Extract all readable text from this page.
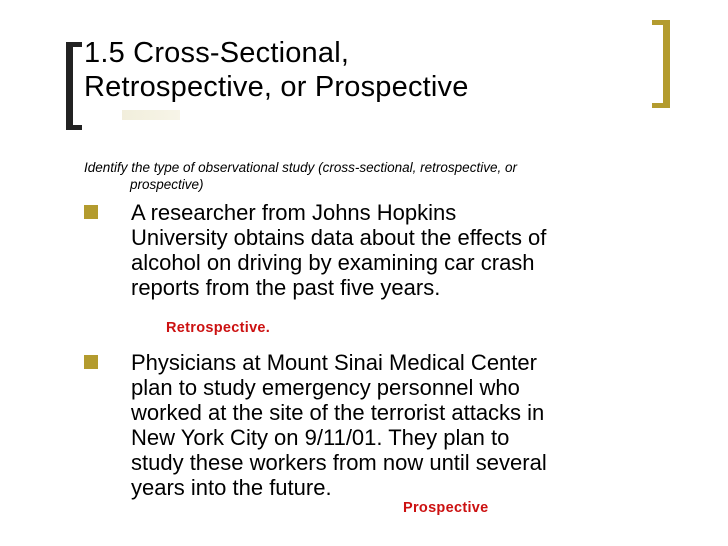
1.5 Cross-Sectional,
Retrospective, or Prospective
Identify the type of observational study (cross-sectional, retrospective, or
prospective)
A researcher from Johns Hopkins
University obtains data about the effects of
alcohol on driving by examining car crash
reports from the past five years.
Retrospective.
Physicians at Mount Sinai Medical Center
plan to study emergency personnel who
worked at the site of the terrorist attacks in
New York City on 9/11/01. They plan to
study these workers from now until several
years into the future.
Prospective
